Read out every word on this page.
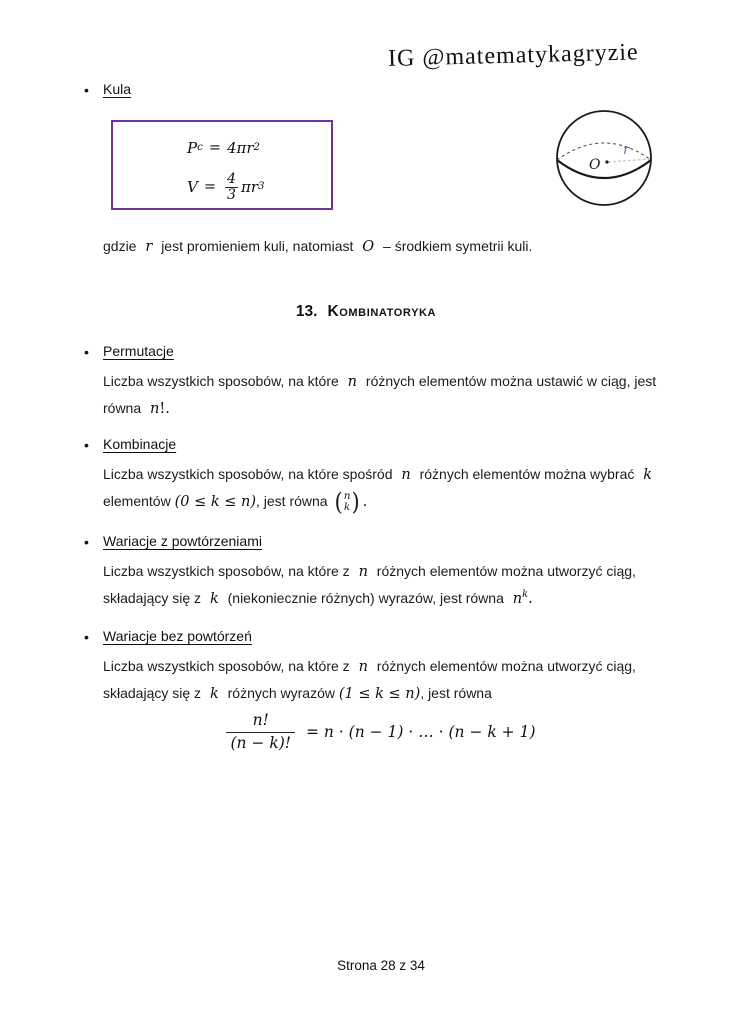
IG @matematykagryzie
• Kula
P c = 4πr 2
$V = \frac{4}{3}$ πr 3
O
r
gdzie r jest promieniem kuli, natomiast O – środkiem symetrii kuli.
13. Kombinatoryka
• Permutacje
Liczba wszystkich sposobów, na które n różnych elementów można ustawić w ciąg, jest
równa n!.
• Kombinacje
Liczba wszystkich sposobów, na które spośród n różnych elementów można wybrać k
elementów (0 ≤ k ≤ n), jest równa ( n
k ) .
• Wariacje z powtórzeniami
Liczba wszystkich sposobów, na które z n różnych elementów można utworzyć ciąg,
składający się z k (niekoniecznie różnych) wyrazów, jest równa $n^k$.
• Wariacje bez powtórzeń
Liczba wszystkich sposobów, na które z n różnych elementów można utworzyć ciąg,
składający się z k różnych wyrazów (1 ≤ k ≤ n), jest równa
$\frac{n!}{(n - k)!} = n \cdot (n - 1)$ · … · (n − k + 1)
Strona 28 z 34
